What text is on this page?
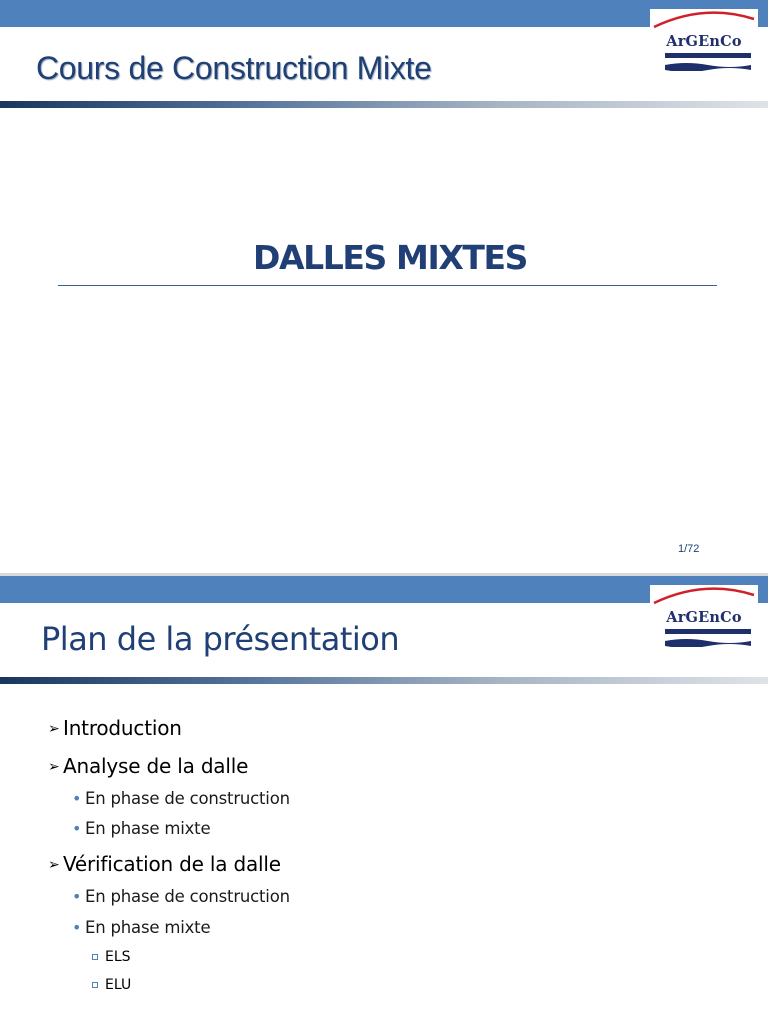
ArGEnCo
Cours de Construction Mixte
DALLES MIXTES
1/72
ArGEnCo
➢ Introduction
➢ Analyse de la dalle
• En phase de construction
• En phase mixte
➢ Vérification de la dalle
• En phase de construction
• En phase mixte
ELS
ELU
Plan de la présentation
